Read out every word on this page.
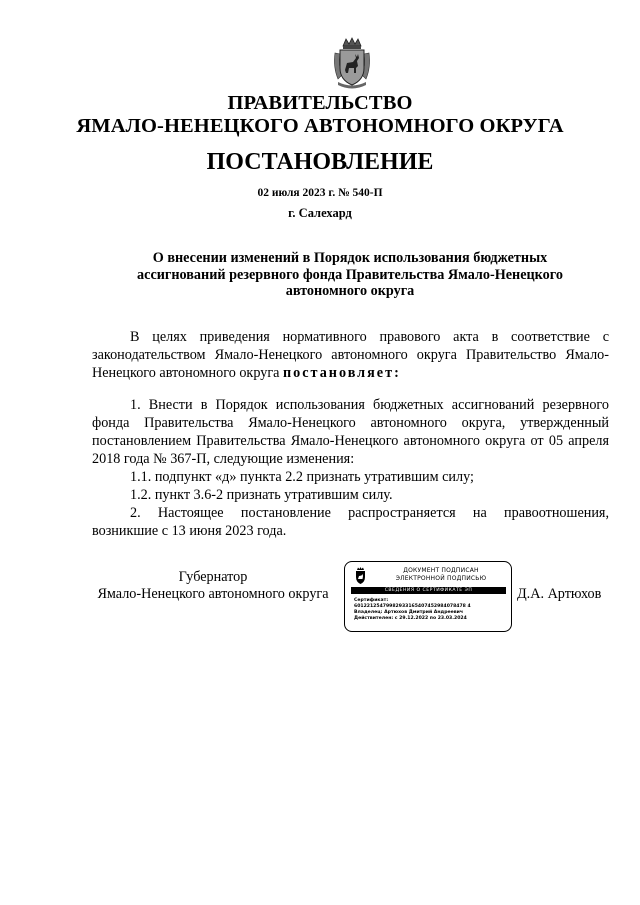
ПРАВИТЕЛЬСТВО
ЯМАЛО-НЕНЕЦКОГО АВТОНОМНОГО ОКРУГА
ПОСТАНОВЛЕНИЕ
02 июля 2023 г. № 540-П
г. Салехард
О внесении изменений в Порядок использования бюджетных
ассигнований резервного фонда Правительства Ямало-Ненецкого
автономного округа

В целях приведения нормативного правового акта в соответствие с законодательством Ямало-Ненецкого автономного округа Правительство Ямало-Ненецкого автономного округа постановляет:

1. Внести в Порядок использования бюджетных ассигнований резервного фонда Правительства Ямало-Ненецкого автономного округа, утвержденный постановлением Правительства Ямало-Ненецкого автономного округа от 05 апреля 2018 года № 367-П, следующие изменения:

1.1. подпункт «д» пункта 2.2 признать утратившим силу;

1.2. пункт 3.6-2 признать утратившим силу.

2. Настоящее постановление распространяется на правоотношения, возникшие с 13 июня 2023 года.

Губернатор
Ямало-Ненецкого автономного округа
ДОКУМЕНТ ПОДПИСАН
ЭЛЕКТРОННОЙ ПОДПИСЬЮ
СВЕДЕНИЯ О СЕРТИФИКАТЕ ЭП
Сертификат:
60122125479982933165407452984078478 4
Владелец: Артюхов Дмитрий Андреевич
Действителен: с 29.12.2022 по 23.03.2024
Д.А. Артюхов
